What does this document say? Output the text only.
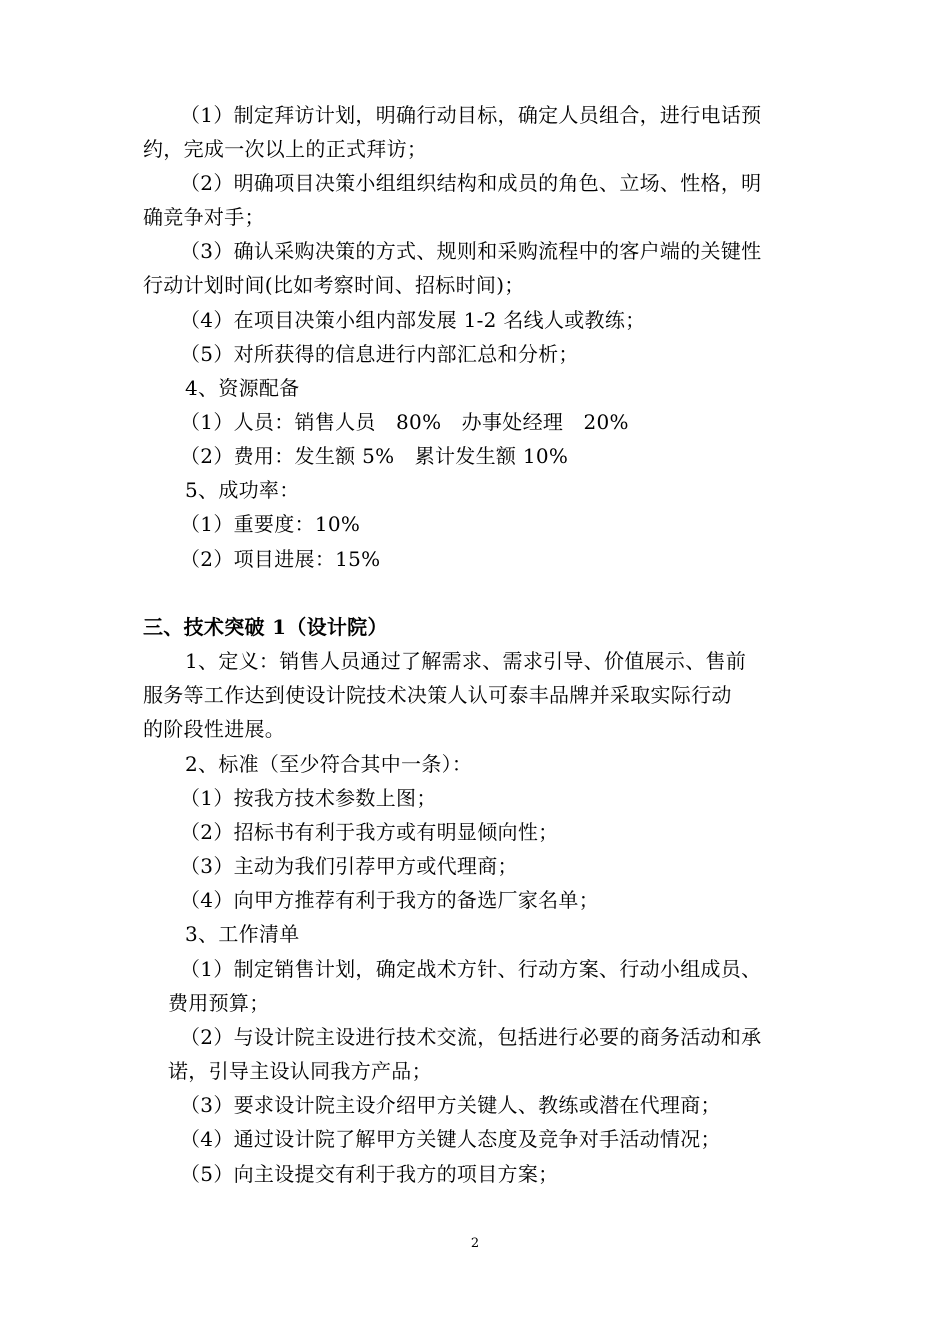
（1）制定拜访计划，明确行动目标，确定人员组合，进行电话预
约，完成一次以上的正式拜访；
（2）明确项目决策小组组织结构和成员的角色、立场、性格，明
确竞争对手；
（3）确认采购决策的方式、规则和采购流程中的客户端的关键性
行动计划时间(比如考察时间、招标时间)；
（4）在项目决策小组内部发展 1-2 名线人或教练；
（5）对所获得的信息进行内部汇总和分析；
4、资源配备
（1）人员：销售人员　80%　办事处经理　20%
（2）费用：发生额 5%　累计发生额 10%
5、成功率：
（1）重要度：10%
（2）项目进展：15%
三、技术突破 1（设计院）
1、定义：销售人员通过了解需求、需求引导、价值展示、售前
服务等工作达到使设计院技术决策人认可泰丰品牌并采取实际行动
的阶段性进展。
2、标准（至少符合其中一条）：
（1）按我方技术参数上图；
（2）招标书有利于我方或有明显倾向性；
（3）主动为我们引荐甲方或代理商；
（4）向甲方推荐有利于我方的备选厂家名单；
3、工作清单
（1）制定销售计划，确定战术方针、行动方案、行动小组成员、
费用预算；
（2）与设计院主设进行技术交流，包括进行必要的商务活动和承
诺，引导主设认同我方产品；
（3）要求设计院主设介绍甲方关键人、教练或潜在代理商；
（4）通过设计院了解甲方关键人态度及竞争对手活动情况；
（5）向主设提交有利于我方的项目方案；
2
